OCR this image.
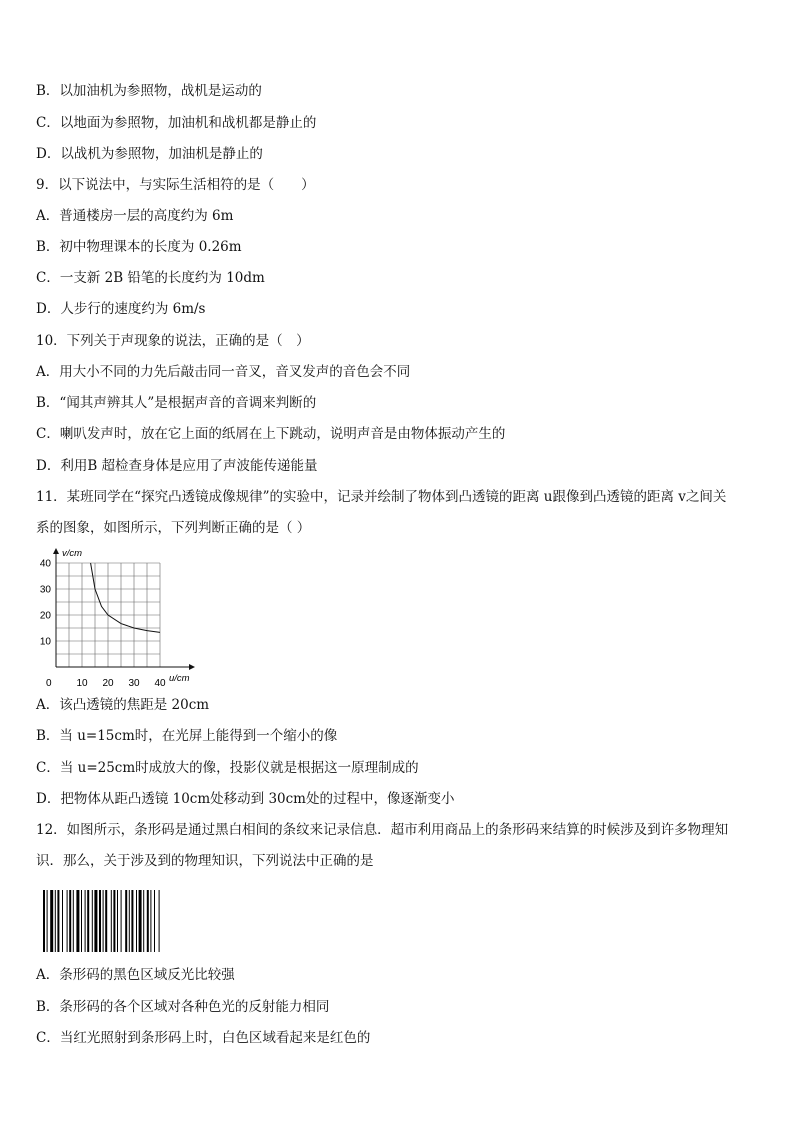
B．以加油机为参照物，战机是运动的
C．以地面为参照物，加油机和战机都是静止的
D．以战机为参照物，加油机是静止的
9．以下说法中，与实际生活相符的是（　　）
A．普通楼房一层的高度约为 6m
B．初中物理课本的长度为 0.26m
C．一支新 2B 铅笔的长度约为 10dm
D．人步行的速度约为 6m/s
10．下列关于声现象的说法，正确的是（　）
A．用大小不同的力先后敲击同一音叉，音叉发声的音色会不同
B．“闻其声辨其人”是根据声音的音调来判断的
C．喇叭发声时，放在它上面的纸屑在上下跳动，说明声音是由物体振动产生的
D．利用B 超检查身体是应用了声波能传递能量
11．某班同学在“探究凸透镜成像规律”的实验中，记录并绘制了物体到凸透镜的距离 u跟像到凸透镜的距离 v之间关
系的图象，如图所示，下列判断正确的是（ ）
10 20 30 40
10
20
30
40
v/cm
u/cm
0
A．该凸透镜的焦距是 20cm
B．当 u=15cm时，在光屏上能得到一个缩小的像
C．当 u=25cm时成放大的像，投影仪就是根据这一原理制成的
D．把物体从距凸透镜 10cm处移动到 30cm处的过程中，像逐渐变小
12．如图所示，条形码是通过黑白相间的条纹来记录信息．超市利用商品上的条形码来结算的时候涉及到许多物理知
识．那么，关于涉及到的物理知识，下列说法中正确的是
A．条形码的黑色区域反光比较强
B．条形码的各个区域对各种色光的反射能力相同
C．当红光照射到条形码上时，白色区域看起来是红色的
